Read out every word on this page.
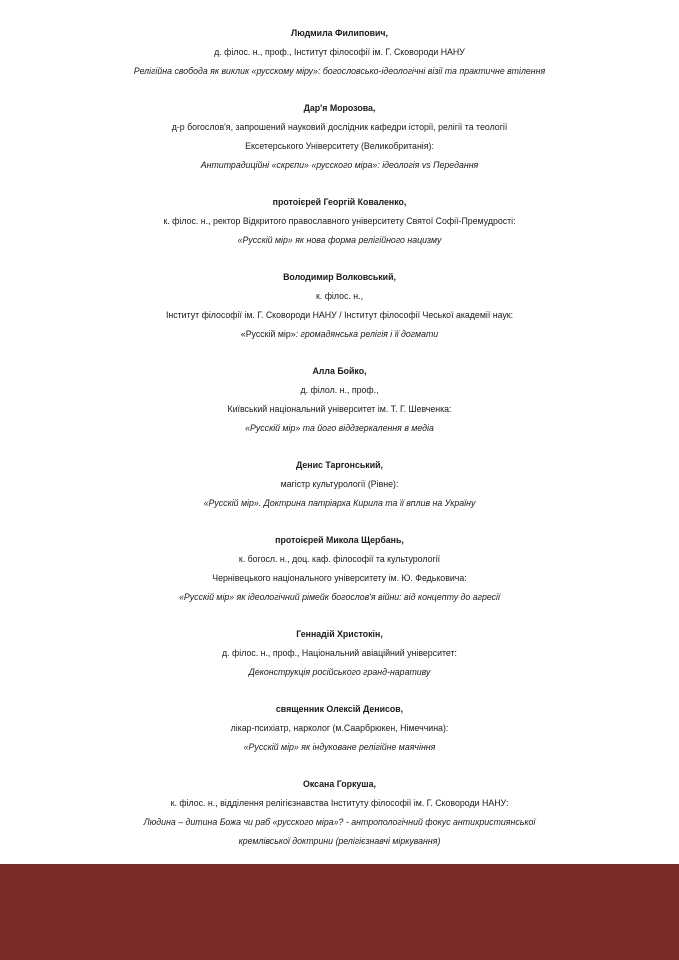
Людмила Филипович,
д. філос. н., проф., Інститут філософії ім. Г. Сковороди НАНУ
Релігійна свобода як виклик «русскому міру»: богословсько-ідеологічні візії та практичне втілення
Дар'я Морозова,
д-р богослов'я, запрошений науковий дослідник кафедри історії, релігії та теології
Ексетерського Університету (Великобританія):
Антитрадиційні «скрєпи» «русского міра»: ідеологія vs Передання
протоієрей Георгій Коваленко,
к. філос. н., ректор Відкритого православного університету Святої Софії-Премудрості:
«Русскій мір» як нова форма релігійного нацизму
Володимир Волковський,
к. філос. н.,
Інститут філософії ім. Г. Сковороди НАНУ / Інститут філософії Чеської академії наук:
«Русскій мір»: громадянська релігія і її догмати
Алла Бойко,
д. філол. н., проф.,
Київський національний університет ім. Т. Г. Шевченка:
«Русскій мір» та його віддзеркалення в медіа
Денис Таргонський,
магістр культурології (Рівне):
«Русскій мір». Доктрина патріарха Кирила та її вплив на Україну
протоієрей Микола Щербань,
к. богосл. н., доц. каф. філософії та культурології
Чернівецького національного університету ім. Ю. Федьковича:
«Русскій мір» як ідеологічний рімейк богослов'я війни: від концепту до агресії
Геннадій Христокін,
д. філос. н., проф., Національний авіаційний університет:
Деконструкція російського гранд-наративу
священник Олексій Денисов,
лікар-психіатр, нарколог (м.Саарбрюкен, Німеччина):
«Русскій мір» як індуковане релігійне маячіння
Оксана Горкуша,
к. філос. н., відділення релігієзнавства Інституту філософії ім. Г. Сковороди НАНУ:
Людина – дитина Божа чи раб «русского міра»? - антропологічний фокус антихристиянської
кремлівської доктрини (релігієзнавчі міркування)
